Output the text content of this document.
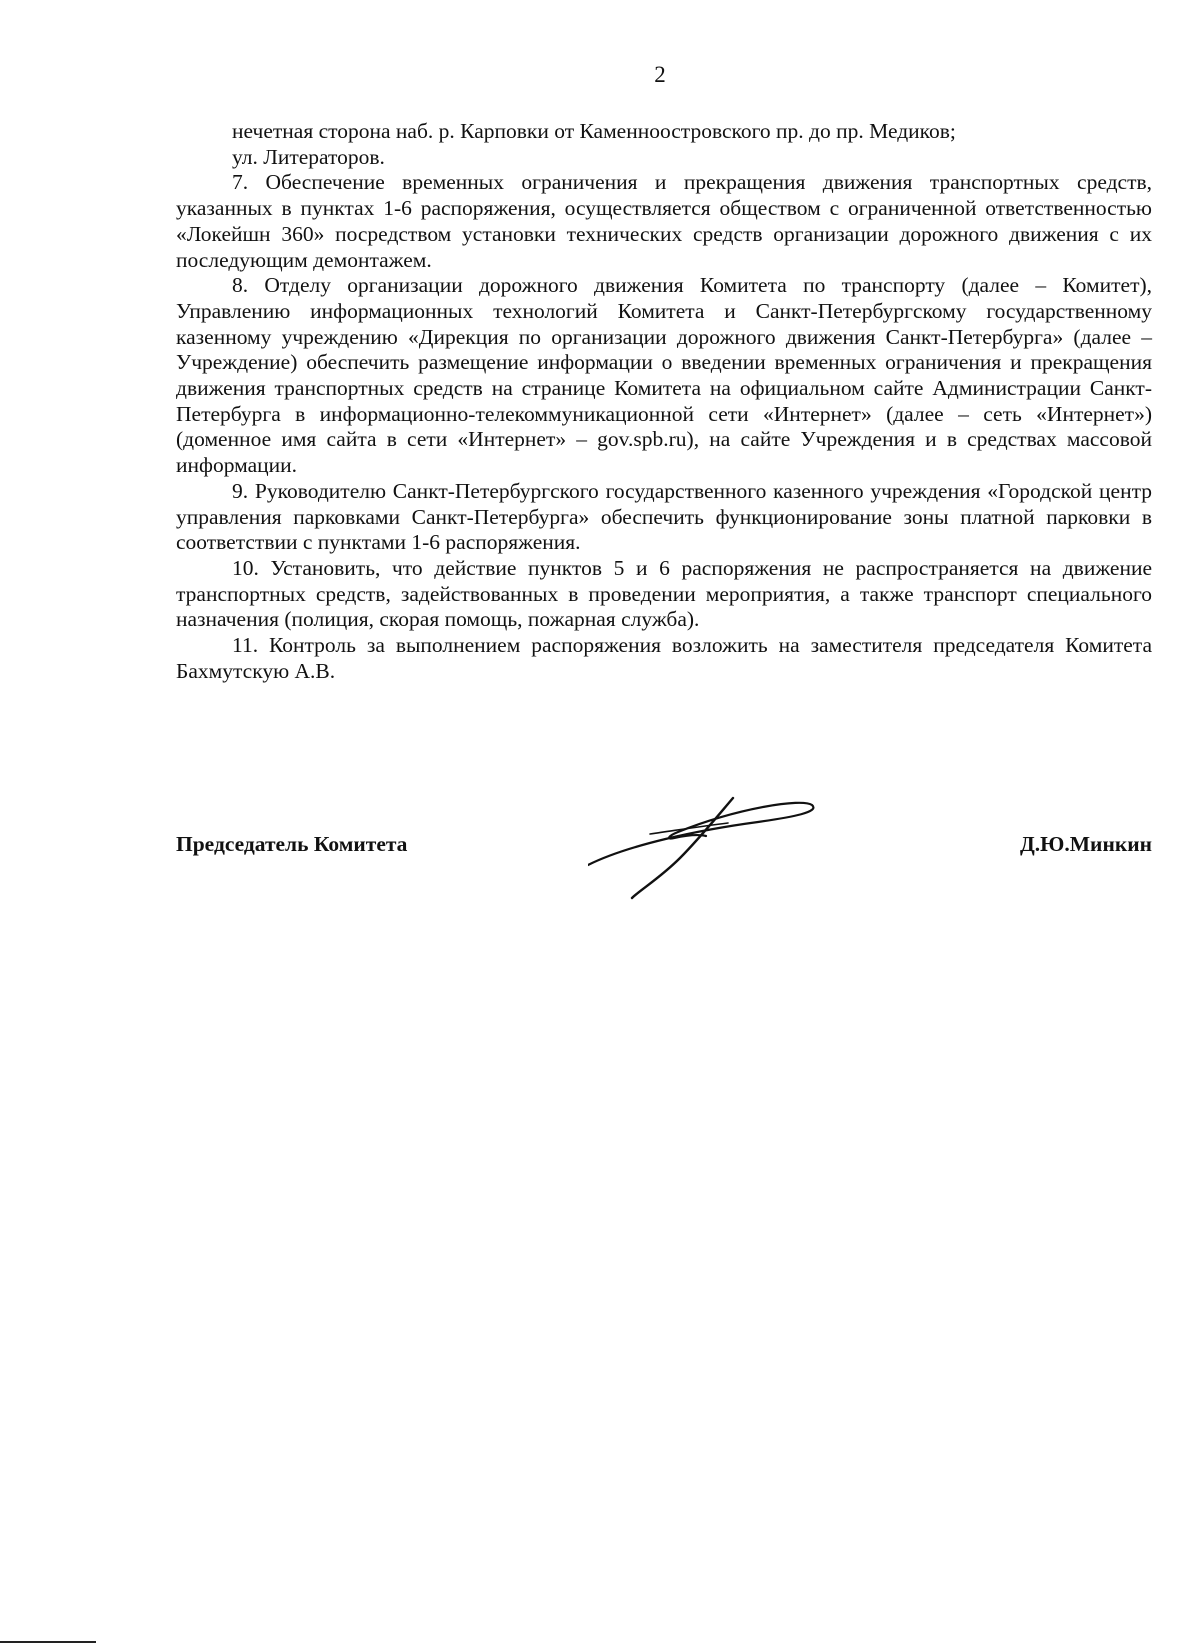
2

нечетная сторона наб. р. Карповки от Каменноостровского пр. до пр. Медиков;

ул. Литераторов.

7. Обеспечение временных ограничения и прекращения движения транспортных средств, указанных в пунктах 1-6 распоряжения, осуществляется обществом с ограниченной ответственностью «Локейшн 360» посредством установки технических средств организации дорожного движения с их последующим демонтажем.

8. Отделу организации дорожного движения Комитета по транспорту (далее – Комитет), Управлению информационных технологий Комитета и Санкт-Петербургскому государственному казенному учреждению «Дирекция по организации дорожного движения Санкт-Петербурга» (далее – Учреждение) обеспечить размещение информации о введении временных ограничения и прекращения движения транспортных средств на странице Комитета на официальном сайте Администрации Санкт-Петербурга в информационно-телекоммуникационной сети «Интернет» (далее – сеть «Интернет») (доменное имя сайта в сети «Интернет» – gov.spb.ru), на сайте Учреждения и в средствах массовой информации.

9. Руководителю Санкт-Петербургского государственного казенного учреждения «Городской центр управления парковками Санкт-Петербурга» обеспечить функционирование зоны платной парковки в соответствии с пунктами 1-6 распоряжения.

10. Установить, что действие пунктов 5 и 6 распоряжения не распространяется на движение транспортных средств, задействованных в проведении мероприятия, а также транспорт специального назначения (полиция, скорая помощь, пожарная служба).

11. Контроль за выполнением распоряжения возложить на заместителя председателя Комитета Бахмутскую А.В.

Председатель Комитета	Д.Ю.Минкин
